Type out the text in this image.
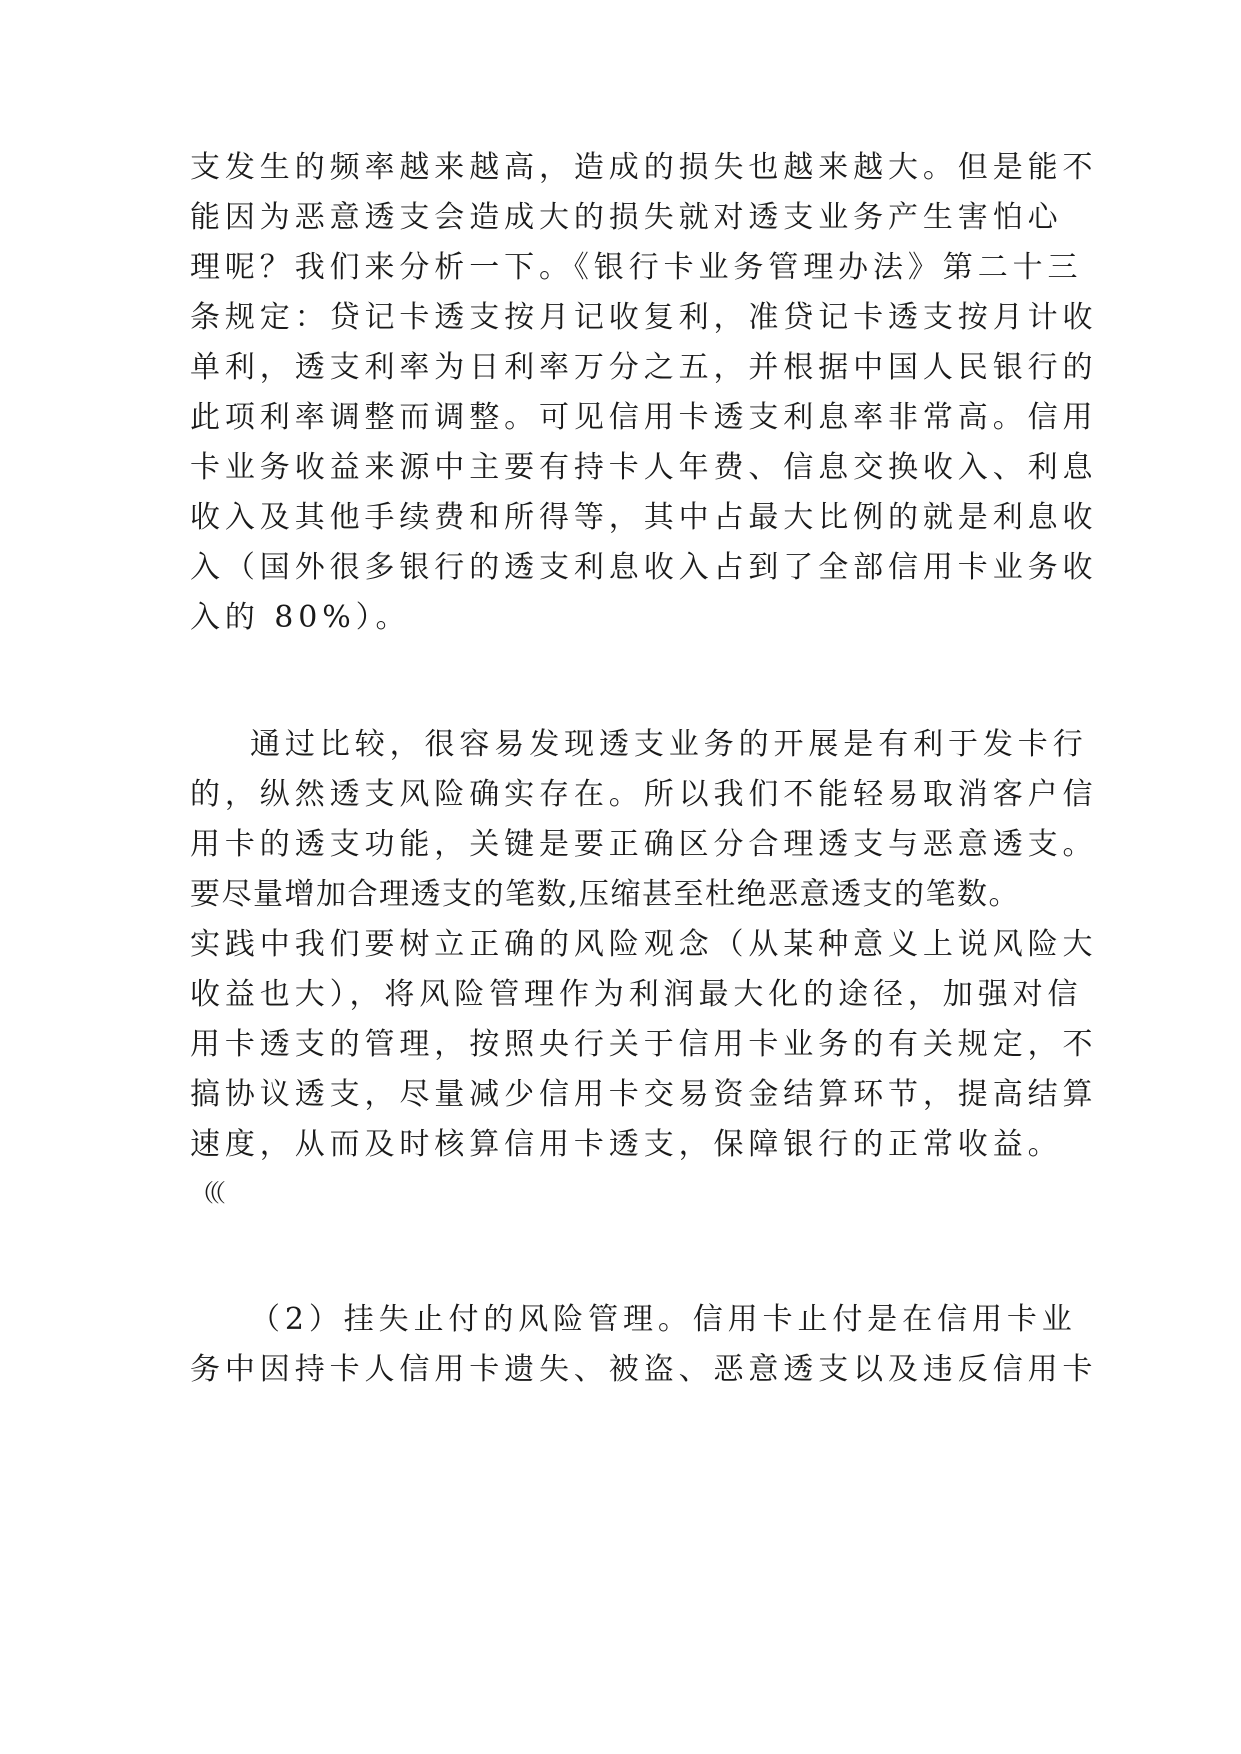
支发生的频率越来越高，造成的损失也越来越大。但是能不
能因为恶意透支会造成大的损失就对透支业务产生害怕心
理呢？我们来分析一下。《银行卡业务管理办法》第二十三
条规定：贷记卡透支按月记收复利，准贷记卡透支按月计收
单利，透支利率为日利率万分之五，并根据中国人民银行的
此项利率调整而调整。可见信用卡透支利息率非常高。信用
卡业务收益来源中主要有持卡人年费、信息交换收入、利息
收入及其他手续费和所得等，其中占最大比例的就是利息收
入（国外很多银行的透支利息收入占到了全部信用卡业务收
入的 80%）。
通过比较，很容易发现透支业务的开展是有利于发卡行
的，纵然透支风险确实存在。所以我们不能轻易取消客户信
用卡的透支功能，关键是要正确区分合理透支与恶意透支。
要尽量增加合理透支的笔数,压缩甚至杜绝恶意透支的笔数。
实践中我们要树立正确的风险观念（从某种意义上说风险大
收益也大），将风险管理作为利润最大化的途径，加强对信
用卡透支的管理，按照央行关于信用卡业务的有关规定，不
搞协议透支，尽量减少信用卡交易资金结算环节，提高结算
速度，从而及时核算信用卡透支，保障银行的正常收益。
（（（
（2）挂失止付的风险管理。信用卡止付是在信用卡业
务中因持卡人信用卡遗失、被盗、恶意透支以及违反信用卡
